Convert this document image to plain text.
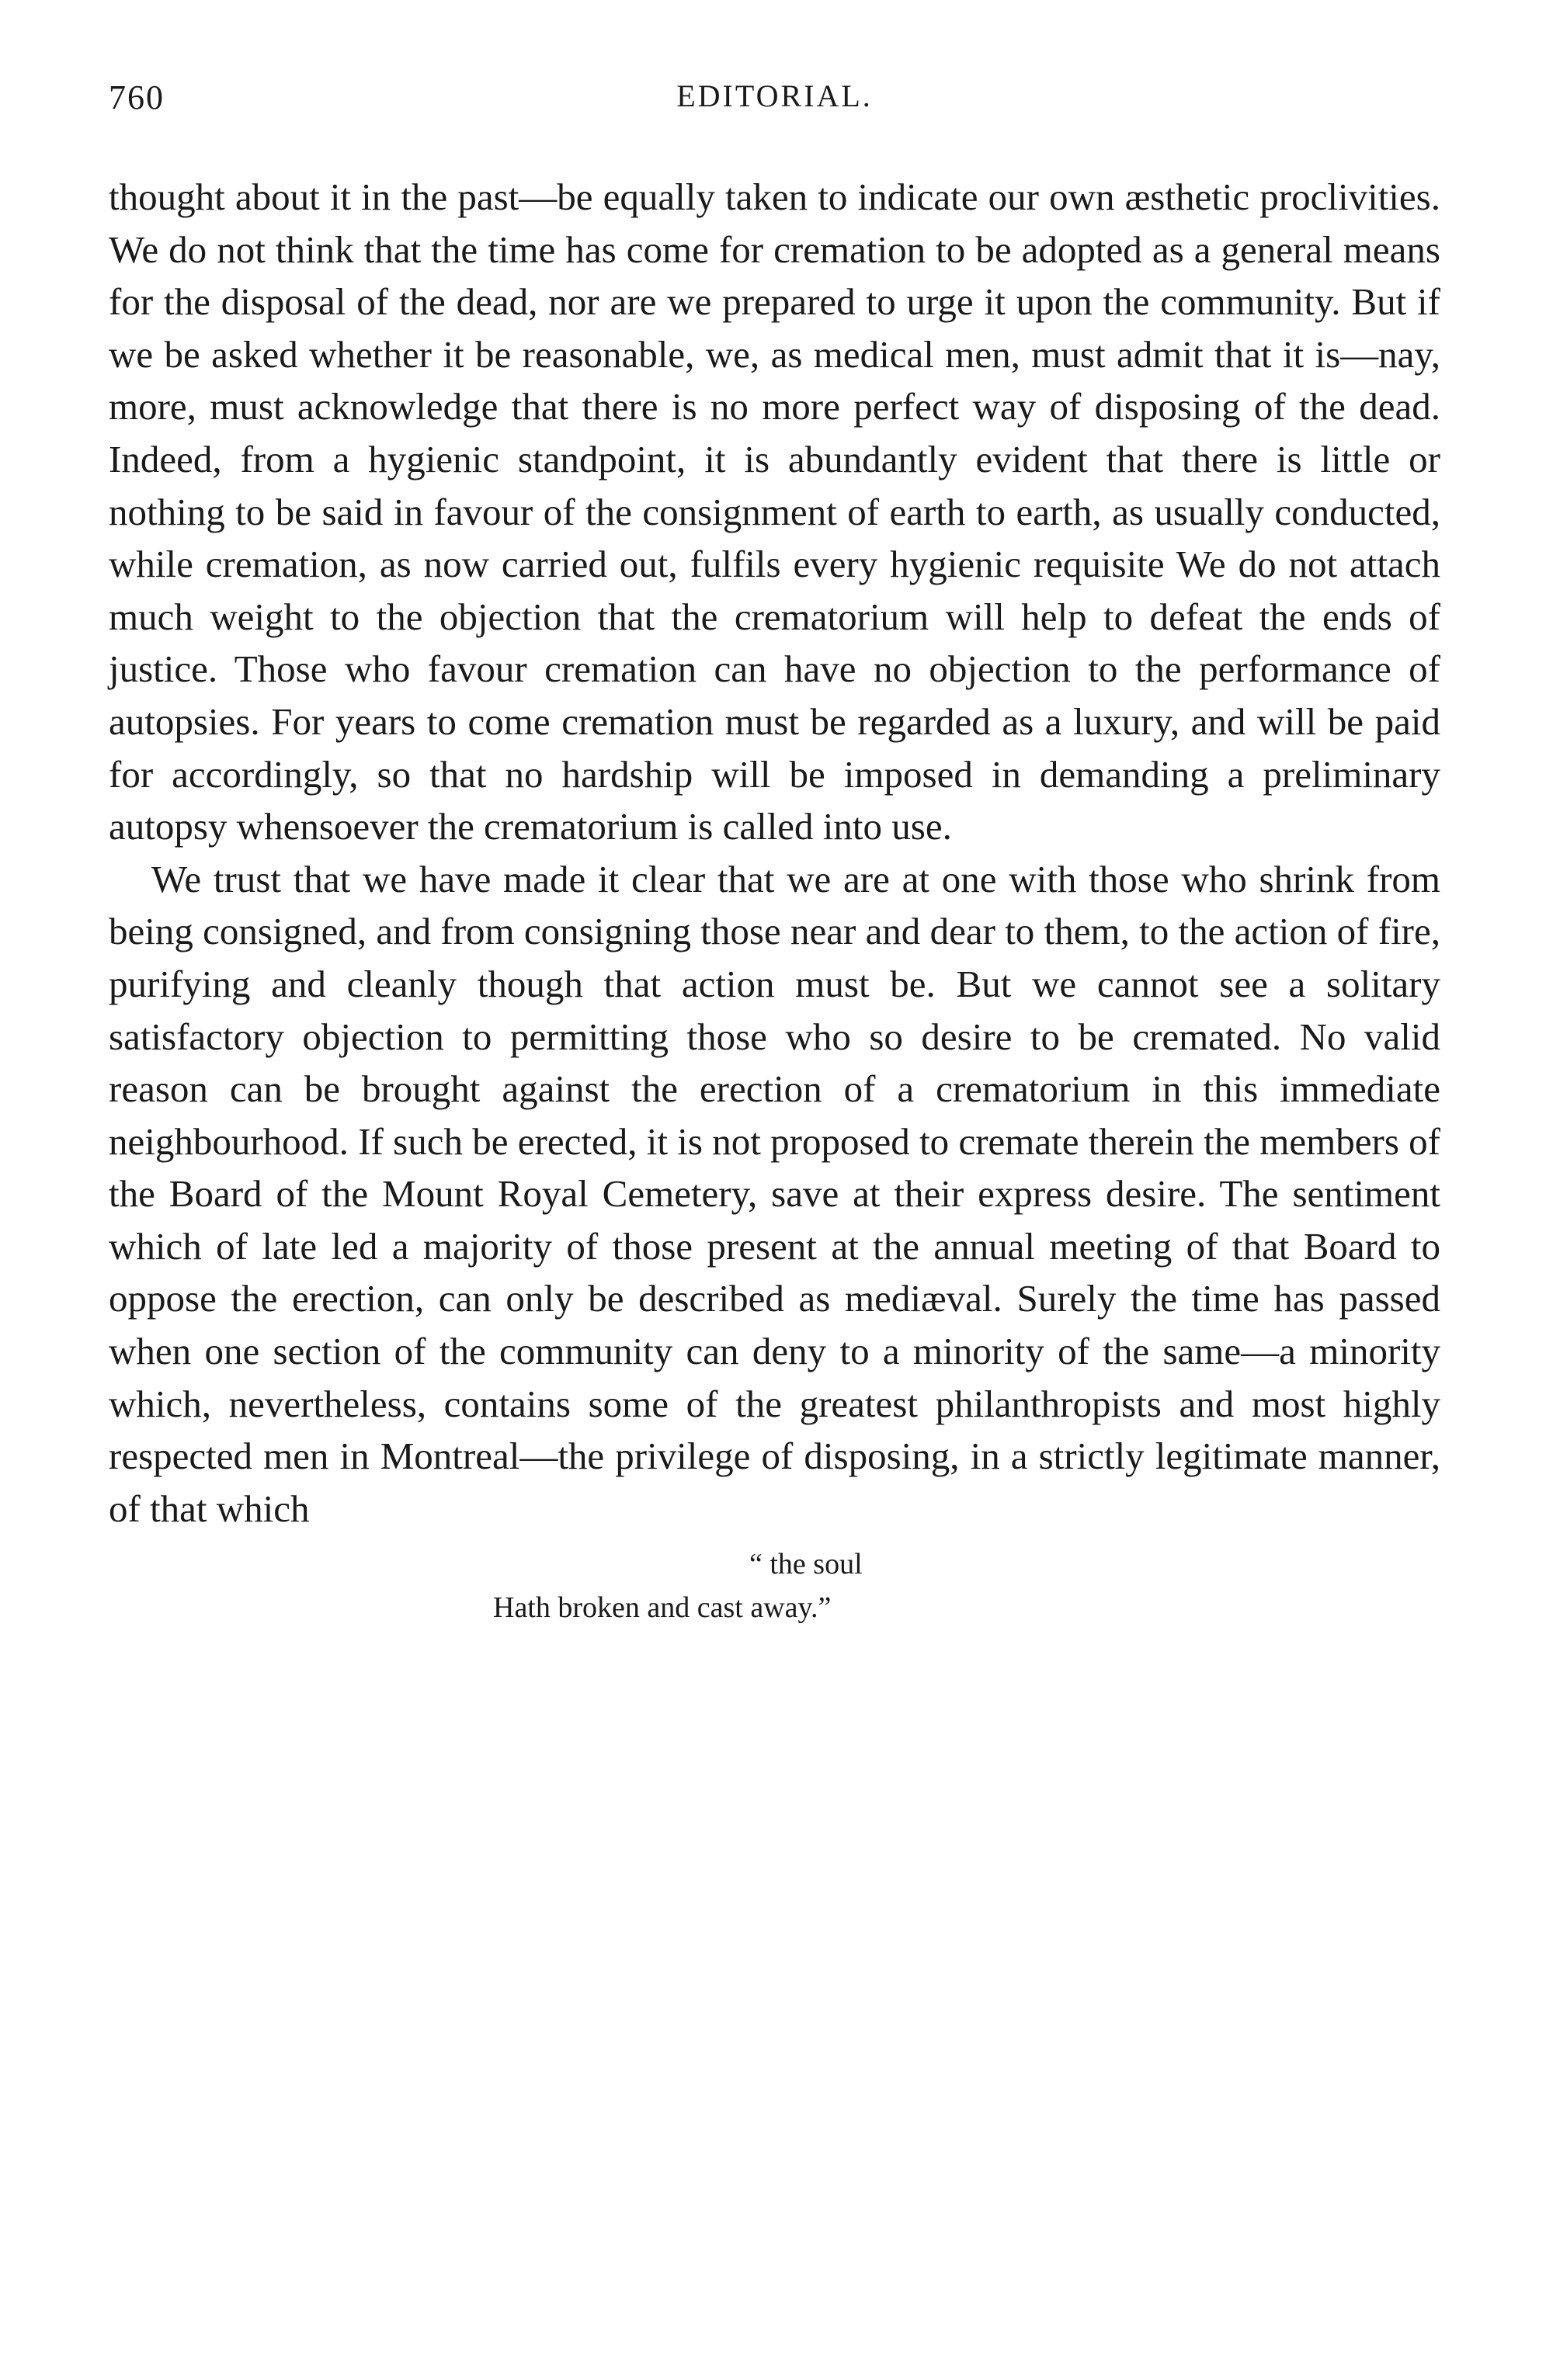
760	EDITORIAL.

thought about it in the past—be equally taken to indicate our own æsthetic proclivities. We do not think that the time has come for cremation to be adopted as a general means for the disposal of the dead, nor are we prepared to urge it upon the community. But if we be asked whether it be reasonable, we, as medical men, must admit that it is—nay, more, must acknowledge that there is no more perfect way of disposing of the dead. Indeed, from a hygienic standpoint, it is abundantly evident that there is little or nothing to be said in favour of the consignment of earth to earth, as usually conducted, while cremation, as now carried out, fulfils every hygienic requisite We do not attach much weight to the objection that the crematorium will help to defeat the ends of justice. Those who favour cremation can have no objection to the performance of autopsies. For years to come cremation must be regarded as a luxury, and will be paid for accordingly, so that no hardship will be imposed in demanding a preliminary autopsy whensoever the crematorium is called into use.

We trust that we have made it clear that we are at one with those who shrink from being consigned, and from consigning those near and dear to them, to the action of fire, purifying and cleanly though that action must be. But we cannot see a solitary satisfactory objection to permitting those who so desire to be cremated. No valid reason can be brought against the erection of a crematorium in this immediate neighbourhood. If such be erected, it is not proposed to cremate therein the members of the Board of the Mount Royal Cemetery, save at their express desire. The sentiment which of late led a majority of those present at the annual meeting of that Board to oppose the erection, can only be described as mediæval. Surely the time has passed when one section of the community can deny to a minority of the same—a minority which, nevertheless, contains some of the greatest philanthropists and most highly respected men in Montreal—the privilege of disposing, in a strictly legitimate manner, of that which

“ the soul
Hath broken and cast away.”
